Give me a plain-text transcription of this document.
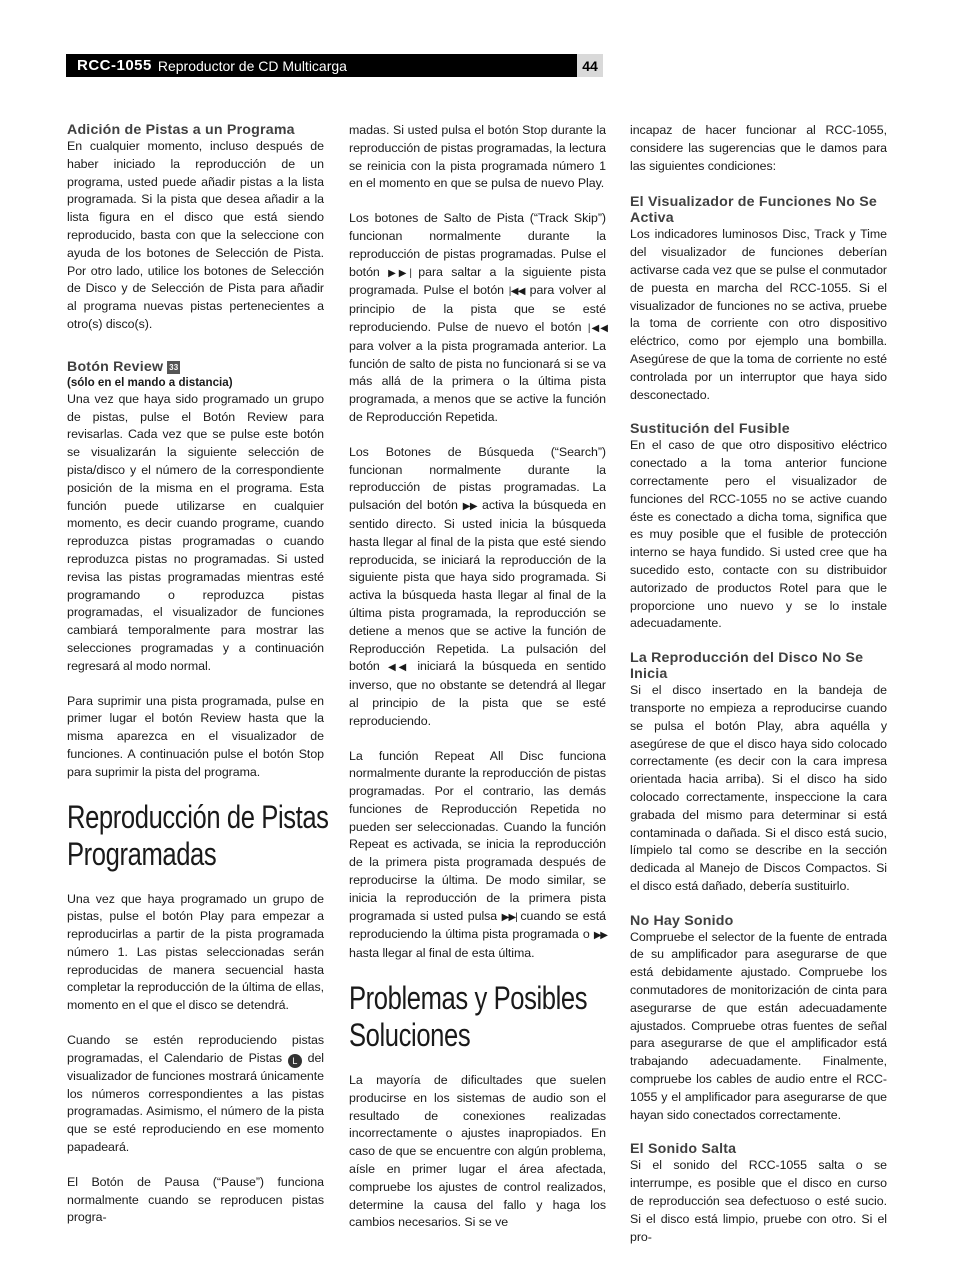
RCC-1055 Reproductor de CD Multicarga	44
Adición de Pistas a un Programa

En cualquier momento, incluso después de haber iniciado la reproducción de un programa, usted puede añadir pistas a la lista programada. Si la pista que desea añadir a la lista figura en el disco que está siendo reproducido, basta con que la seleccione con ayuda de los botones de Selección de Pista. Por otro lado, utilice los botones de Selección de Disco y de Selección de Pista para añadir al programa nuevas pistas pertenecientes a otro(s) disco(s).

Botón Review 33
(sólo en el mando a distancia)

Una vez que haya sido programado un grupo de pistas, pulse el Botón Review para revisarlas. Cada vez que se pulse este botón se visualizarán la siguiente selección de pista/disco y el número de la correspondiente posición de la misma en el programa. Esta función puede utilizarse en cualquier momento, es decir cuando programe, cuando reproduzca pistas programadas o cuando reproduzca pistas no programadas. Si usted revisa las pistas programadas mientras esté programando o reproduzca pistas programadas, el visualizador de funciones cambiará temporalmente para mostrar las selecciones programadas y a continuación regresará al modo normal.

Para suprimir una pista programada, pulse en primer lugar el botón Review hasta que la misma aparezca en el visualizador de funciones. A continuación pulse el botón Stop para suprimir la pista del programa.

Reproducción de Pistas Programadas

Una vez que haya programado un grupo de pistas, pulse el botón Play para empezar a reproducirlas a partir de la pista programada número 1. Las pistas seleccionadas serán reproducidas de manera secuencial hasta completar la reproducción de la última de ellas, momento en el que el disco se detendrá.

Cuando se estén reproduciendo pistas programadas, el Calendario de Pistas L del visualizador de funciones mostrará únicamente los números correspondientes a las pistas programadas. Asimismo, el número de la pista que se esté reproduciendo en ese momento papadeará.

El Botón de Pausa (“Pause”) funciona normalmente cuando se reproducen pistas progra-

madas. Si usted pulsa el botón Stop durante la reproducción de pistas programadas, la lectura se reinicia con la pista programada número 1 en el momento en que se pulsa de nuevo Play.

Los botones de Salto de Pista (“Track Skip”) funcionan normalmente durante la reproducción de pistas programadas. Pulse el botón ▶▶| para saltar a la siguiente pista programada. Pulse el botón |◀◀ para volver al principio de la pista que se esté reproduciendo. Pulse de nuevo el botón |◀◀ para volver a la pista programada anterior. La función de salto de pista no funcionará si se va más allá de la primera o la última pista programada, a menos que se active la función de Reproducción Repetida.

Los Botones de Búsqueda (“Search”) funcionan normalmente durante la reproducción de pistas programadas. La pulsación del botón ▶▶ activa la búsqueda en sentido directo. Si usted inicia la búsqueda hasta llegar al final de la pista que esté siendo reproducida, se iniciará la reproducción de la siguiente pista que haya sido programada. Si activa la búsqueda hasta llegar al final de la última pista programada, la reproducción se detiene a menos que se active la función de Reproducción Repetida. La pulsación del botón ◀◀ iniciará la búsqueda en sentido inverso, que no obstante se detendrá al llegar al principio de la pista que se esté reproduciendo.

La función Repeat All Disc funciona normalmente durante la reproducción de pistas programadas. Por el contrario, las demás funciones de Reproducción Repetida no pueden ser seleccionadas. Cuando la función Repeat es activada, se inicia la reproducción de la primera pista programada después de reproducirse la última. De modo similar, se inicia la reproducción de la primera pista programada si usted pulsa ▶▶| cuando se está reproduciendo la última pista programada o ▶▶ hasta llegar al final de esta última.

Problemas y Posibles Soluciones

La mayoría de dificultades que suelen producirse en los sistemas de audio son el resultado de conexiones realizadas incorrectamente o ajustes inapropiados. En caso de que se encuentre con algún problema, aísle en primer lugar el área afectada, compruebe los ajustes de control realizados, determine la causa del fallo y haga los cambios necesarios. Si se ve

incapaz de hacer funcionar al RCC-1055, considere las sugerencias que le damos para las siguientes condiciones:

El Visualizador de Funciones No Se Activa

Los indicadores luminosos Disc, Track y Time del visualizador de funciones deberían activarse cada vez que se pulse el conmutador de puesta en marcha del RCC-1055. Si el visualizador de funciones no se activa, pruebe la toma de corriente con otro dispositivo eléctrico, como por ejemplo una bombilla. Asegúrese de que la toma de corriente no esté controlada por un interruptor que haya sido desconectado.

Sustitución del Fusible

En el caso de que otro dispositivo eléctrico conectado a la toma anterior funcione correctamente pero el visualizador de funciones del RCC-1055 no se active cuando éste es conectado a dicha toma, significa que es muy posible que el fusible de protección interno se haya fundido. Si usted cree que ha sucedido esto, contacte con su distribuidor autorizado de productos Rotel para que le proporcione uno nuevo y se lo instale adecuadamente.

La Reproducción del Disco No Se Inicia

Si el disco insertado en la bandeja de transporte no empieza a reproducirse cuando se pulsa el botón Play, abra aquélla y asegúrese de que el disco haya sido colocado correctamente (es decir con la cara impresa orientada hacia arriba). Si el disco ha sido colocado correctamente, inspeccione la cara grabada del mismo para determinar si está contaminada o dañada. Si el disco está sucio, límpielo tal como se describe en la sección dedicada al Manejo de Discos Compactos. Si el disco está dañado, debería sustituirlo.

No Hay Sonido

Compruebe el selector de la fuente de entrada de su amplificador para asegurarse de que está debidamente ajustado. Compruebe los conmutadores de monitorización de cinta para asegurarse de que están adecuadamente ajustados. Compruebe otras fuentes de señal para asegurarse de que el amplificador está trabajando adecuadamente. Finalmente, compruebe los cables de audio entre el RCC-1055 y el amplificador para asegurarse de que hayan sido conectados correctamente.

El Sonido Salta

Si el sonido del RCC-1055 salta o se interrumpe, es posible que el disco en curso de reproducción sea defectuoso o esté sucio. Si el disco está limpio, pruebe con otro. Si el pro-
